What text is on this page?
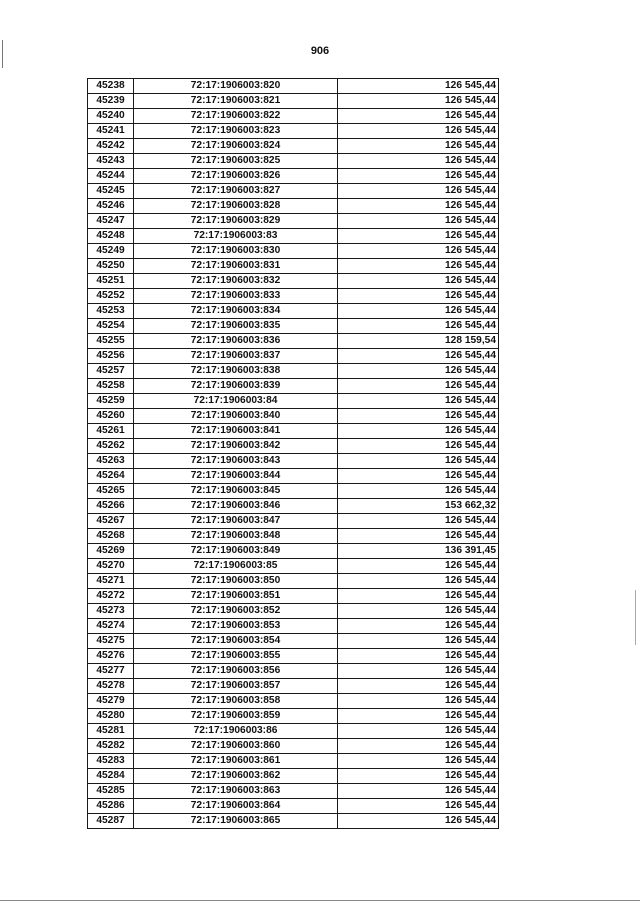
906
45238	72:17:1906003:820	126 545,44
45239	72:17:1906003:821	126 545,44
45240	72:17:1906003:822	126 545,44
45241	72:17:1906003:823	126 545,44
45242	72:17:1906003:824	126 545,44
45243	72:17:1906003:825	126 545,44
45244	72:17:1906003:826	126 545,44
45245	72:17:1906003:827	126 545,44
45246	72:17:1906003:828	126 545,44
45247	72:17:1906003:829	126 545,44
45248	72:17:1906003:83	126 545,44
45249	72:17:1906003:830	126 545,44
45250	72:17:1906003:831	126 545,44
45251	72:17:1906003:832	126 545,44
45252	72:17:1906003:833	126 545,44
45253	72:17:1906003:834	126 545,44
45254	72:17:1906003:835	126 545,44
45255	72:17:1906003:836	128 159,54
45256	72:17:1906003:837	126 545,44
45257	72:17:1906003:838	126 545,44
45258	72:17:1906003:839	126 545,44
45259	72:17:1906003:84	126 545,44
45260	72:17:1906003:840	126 545,44
45261	72:17:1906003:841	126 545,44
45262	72:17:1906003:842	126 545,44
45263	72:17:1906003:843	126 545,44
45264	72:17:1906003:844	126 545,44
45265	72:17:1906003:845	126 545,44
45266	72:17:1906003:846	153 662,32
45267	72:17:1906003:847	126 545,44
45268	72:17:1906003:848	126 545,44
45269	72:17:1906003:849	136 391,45
45270	72:17:1906003:85	126 545,44
45271	72:17:1906003:850	126 545,44
45272	72:17:1906003:851	126 545,44
45273	72:17:1906003:852	126 545,44
45274	72:17:1906003:853	126 545,44
45275	72:17:1906003:854	126 545,44
45276	72:17:1906003:855	126 545,44
45277	72:17:1906003:856	126 545,44
45278	72:17:1906003:857	126 545,44
45279	72:17:1906003:858	126 545,44
45280	72:17:1906003:859	126 545,44
45281	72:17:1906003:86	126 545,44
45282	72:17:1906003:860	126 545,44
45283	72:17:1906003:861	126 545,44
45284	72:17:1906003:862	126 545,44
45285	72:17:1906003:863	126 545,44
45286	72:17:1906003:864	126 545,44
45287	72:17:1906003:865	126 545,44
